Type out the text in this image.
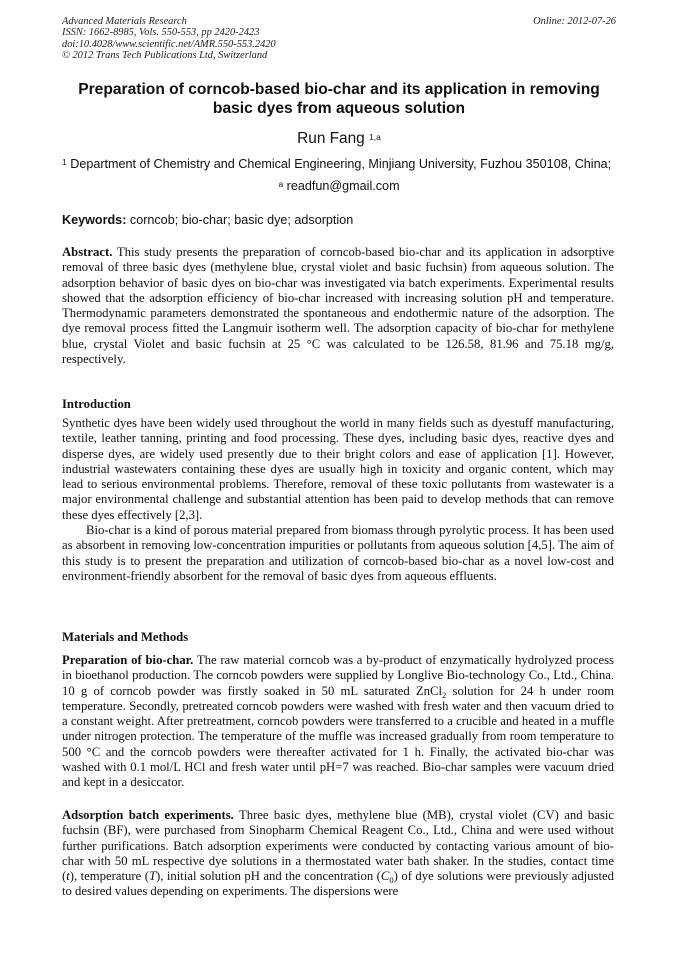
Advanced Materials Research
ISSN: 1662-8985, Vols. 550-553, pp 2420-2423
doi:10.4028/www.scientific.net/AMR.550-553.2420
© 2012 Trans Tech Publications Ltd, Switzerland
Online: 2012-07-26
Preparation of corncob-based bio-char and its application in removing
basic dyes from aqueous solution
Run Fang $^{1,a}$
$^1$ Department of Chemistry and Chemical Engineering, Minjiang University, Fuzhou 350108, China;
$^a$ readfun@gmail.com
Keywords: corncob; bio-char; basic dye; adsorption
Abstract. This study presents the preparation of corncob-based bio-char and its application in adsorptive removal of three basic dyes (methylene blue, crystal violet and basic fuchsin) from aqueous solution. The adsorption behavior of basic dyes on bio-char was investigated via batch experiments. Experimental results showed that the adsorption efficiency of bio-char increased with increasing solution pH and temperature. Thermodynamic parameters demonstrated the spontaneous and endothermic nature of the adsorption. The dye removal process fitted the Langmuir isotherm well. The adsorption capacity of bio-char for methylene blue, crystal Violet and basic fuchsin at 25 °C was calculated to be 126.58, 81.96 and 75.18 mg/g, respectively.
Introduction
Synthetic dyes have been widely used throughout the world in many fields such as dyestuff manufacturing, textile, leather tanning, printing and food processing. These dyes, including basic dyes, reactive dyes and disperse dyes, are widely used presently due to their bright colors and ease of application [1]. However, industrial wastewaters containing these dyes are usually high in toxicity and organic content, which may lead to serious environmental problems. Therefore, removal of these toxic pollutants from wastewater is a major environmental challenge and substantial attention has been paid to develop methods that can remove these dyes effectively [2,3].
Bio-char is a kind of porous material prepared from biomass through pyrolytic process. It has been used as absorbent in removing low-concentration impurities or pollutants from aqueous solution [4,5]. The aim of this study is to present the preparation and utilization of corncob-based bio-char as a novel low-cost and environment-friendly absorbent for the removal of basic dyes from aqueous effluents.
Materials and Methods
Preparation of bio-char. The raw material corncob was a by-product of enzymatically hydrolyzed process in bioethanol production. The corncob powders were supplied by Longlive Bio-technology Co., Ltd., China. 10 g of corncob powder was firstly soaked in 50 mL saturated ZnCl$_2$ solution for 24 h under room temperature. Secondly, pretreated corncob powders were washed with fresh water and then vacuum dried to a constant weight. After pretreatment, corncob powders were transferred to a crucible and heated in a muffle under nitrogen protection. The temperature of the muffle was increased gradually from room temperature to 500 °C and the corncob powders were thereafter activated for 1 h. Finally, the activated bio-char was washed with 0.1 mol/L HCl and fresh water until pH=7 was reached. Bio-char samples were vacuum dried and kept in a desiccator.
Adsorption batch experiments. Three basic dyes, methylene blue (MB), crystal violet (CV) and basic fuchsin (BF), were purchased from Sinopharm Chemical Reagent Co., Ltd., China and were used without further purifications. Batch adsorption experiments were conducted by contacting various amount of bio-char with 50 mL respective dye solutions in a thermostated water bath shaker. In the studies, contact time (t), temperature (T), initial solution pH and the concentration $(C_0)$ of dye solutions were previously adjusted to desired values depending on experiments. The dispersions were
